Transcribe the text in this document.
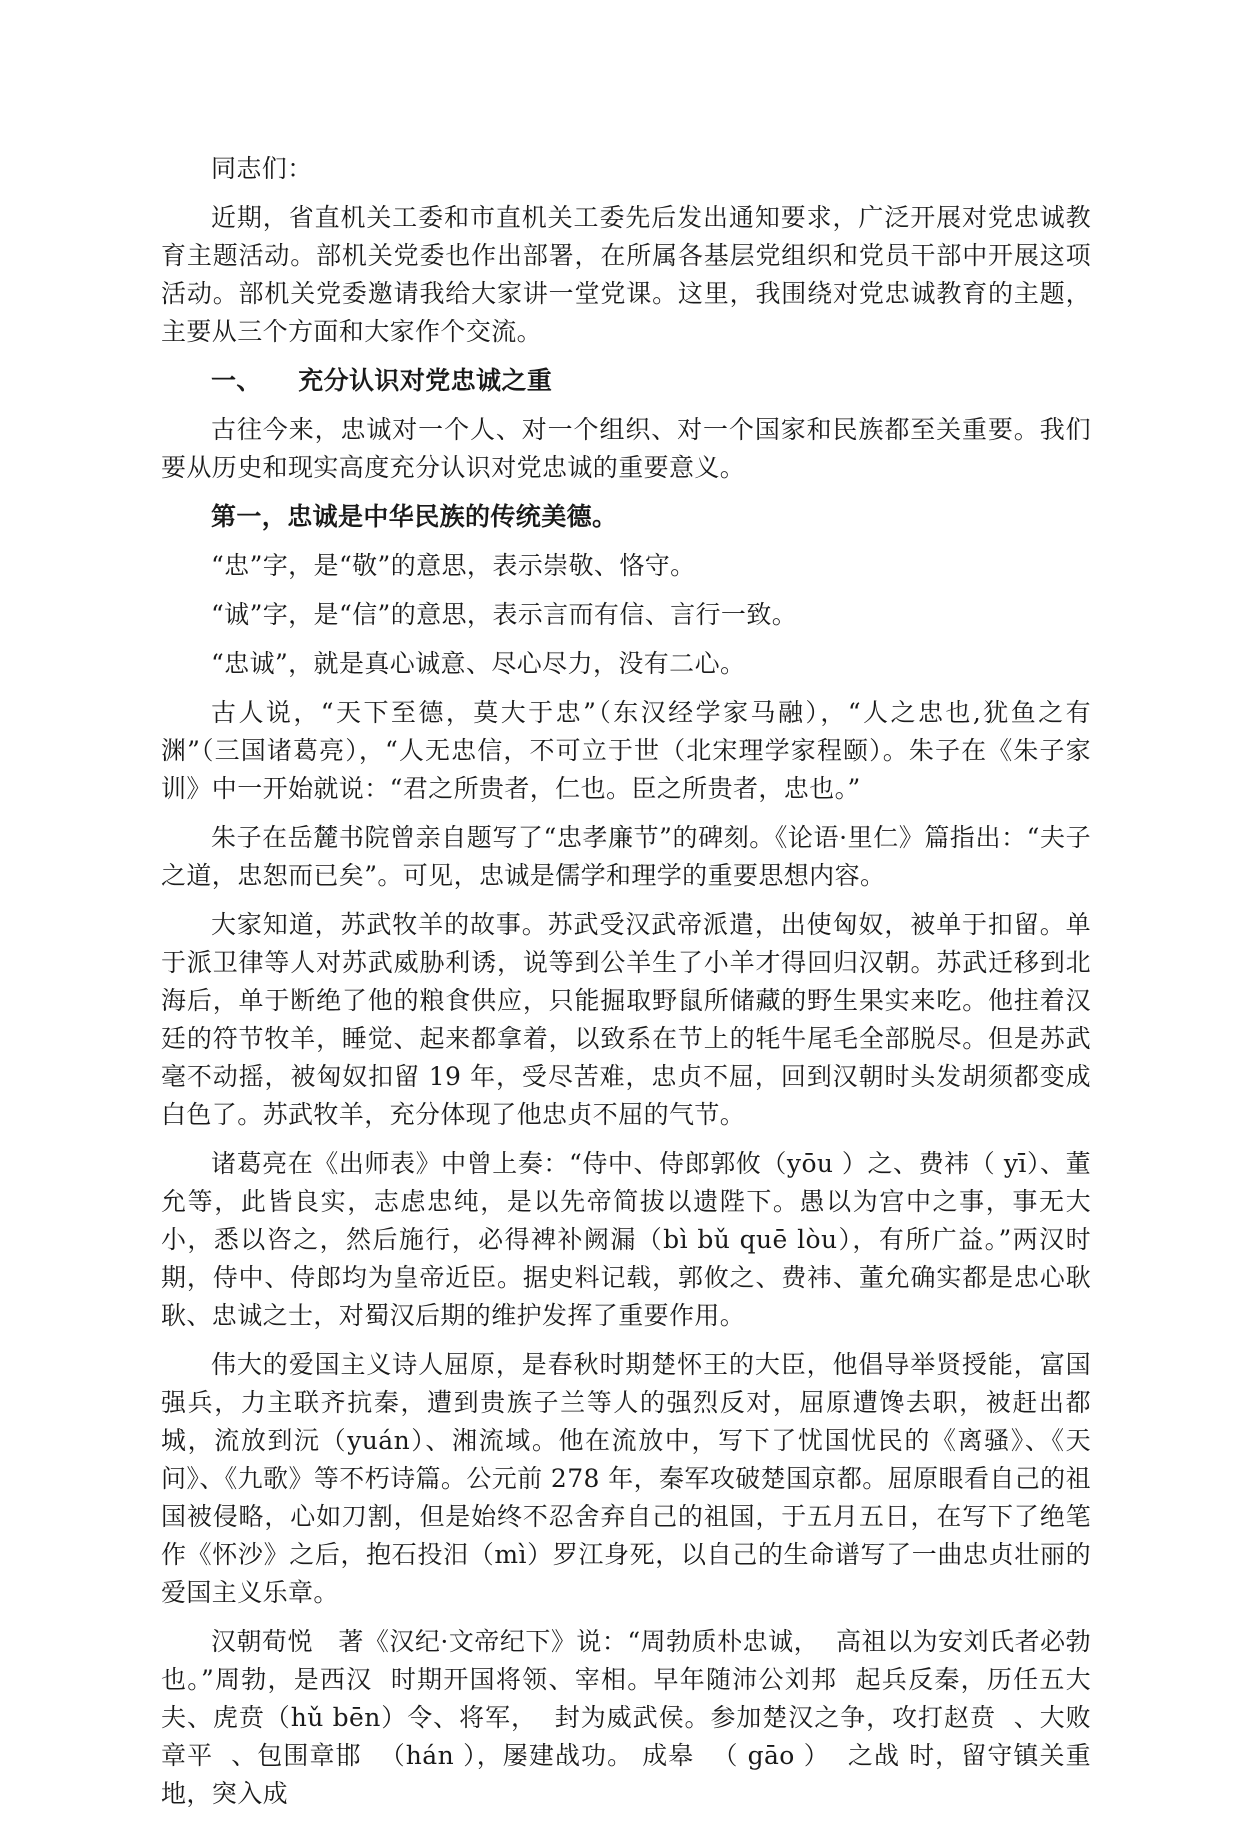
同志们：

近期，省直机关工委和市直机关工委先后发出通知要求，广泛开展对党忠诚教育主题活动。部机关党委也作出部署，在所属各基层党组织和党员干部中开展这项活动。部机关党委邀请我给大家讲一堂党课。这里，我围绕对党忠诚教育的主题，主要从三个方面和大家作个交流。

一、    充分认识对党忠诚之重

古往今来，忠诚对一个人、对一个组织、对一个国家和民族都至关重要。我们要从历史和现实高度充分认识对党忠诚的重要意义。

第一，忠诚是中华民族的传统美德。

“忠”字，是“敬”的意思，表示崇敬、恪守。

“诚”字，是“信”的意思，表示言而有信、言行一致。

“忠诚”，就是真心诚意、尽心尽力，没有二心。

古人说，“天下至德，莫大于忠”（东汉经学家马融），“人之忠也,犹鱼之有渊”（三国诸葛亮），“人无忠信，不可立于世（北宋理学家程颐）。朱子在《朱子家训》中一开始就说：“君之所贵者，仁也。臣之所贵者，忠也。”

朱子在岳麓书院曾亲自题写了“忠孝廉节”的碑刻。《论语·里仁》篇指出：“夫子之道，忠恕而已矣”。可见，忠诚是儒学和理学的重要思想内容。

大家知道，苏武牧羊的故事。苏武受汉武帝派遣，出使匈奴，被单于扣留。单于派卫律等人对苏武威胁利诱，说等到公羊生了小羊才得回归汉朝。苏武迁移到北海后，单于断绝了他的粮食供应，只能掘取野鼠所储藏的野生果实来吃。他拄着汉廷的符节牧羊，睡觉、起来都拿着，以致系在节上的牦牛尾毛全部脱尽。但是苏武毫不动摇，被匈奴扣留 19 年，受尽苦难，忠贞不屈，回到汉朝时头发胡须都变成白色了。苏武牧羊，充分体现了他忠贞不屈的气节。

诸葛亮在《出师表》中曾上奏：“侍中、侍郎郭攸（yōu ）之、费祎（ yī）、董允等，此皆良实，志虑忠纯，是以先帝简拔以遗陛下。愚以为宫中之事，事无大小，悉以咨之，然后施行，必得裨补阙漏（bì bǔ quē lòu），有所广益。”两汉时期，侍中、侍郎均为皇帝近臣。据史料记载，郭攸之、费祎、董允确实都是忠心耿耿、忠诚之士，对蜀汉后期的维护发挥了重要作用。

伟大的爱国主义诗人屈原，是春秋时期楚怀王的大臣，他倡导举贤授能，富国强兵，力主联齐抗秦，遭到贵族子兰等人的强烈反对，屈原遭馋去职，被赶出都城，流放到沅（yuán）、湘流域。他在流放中，写下了忧国忧民的《离骚》、《天问》、《九歌》等不朽诗篇。公元前 278 年，秦军攻破楚国京都。屈原眼看自己的祖国被侵略，心如刀割，但是始终不忍舍弃自己的祖国，于五月五日，在写下了绝笔作《怀沙》之后，抱石投汨（mì）罗江身死，以自己的生命谱写了一曲忠贞壮丽的爱国主义乐章。

汉朝荀悦   著《汉纪·文帝纪下》说：“周勃质朴忠诚，  高祖以为安刘氏者必勃也。”周勃，是西汉  时期开国将领、宰相。早年随沛公刘邦  起兵反秦，历任五大夫、虎贲（hǔ bēn）令、将军，  封为威武侯。参加楚汉之争，攻打赵贲  、大败章平  、包围章邯  （hán ），屡建战功。 成皋  （ gāo ）  之战 时，留守镇关重地，突入成
